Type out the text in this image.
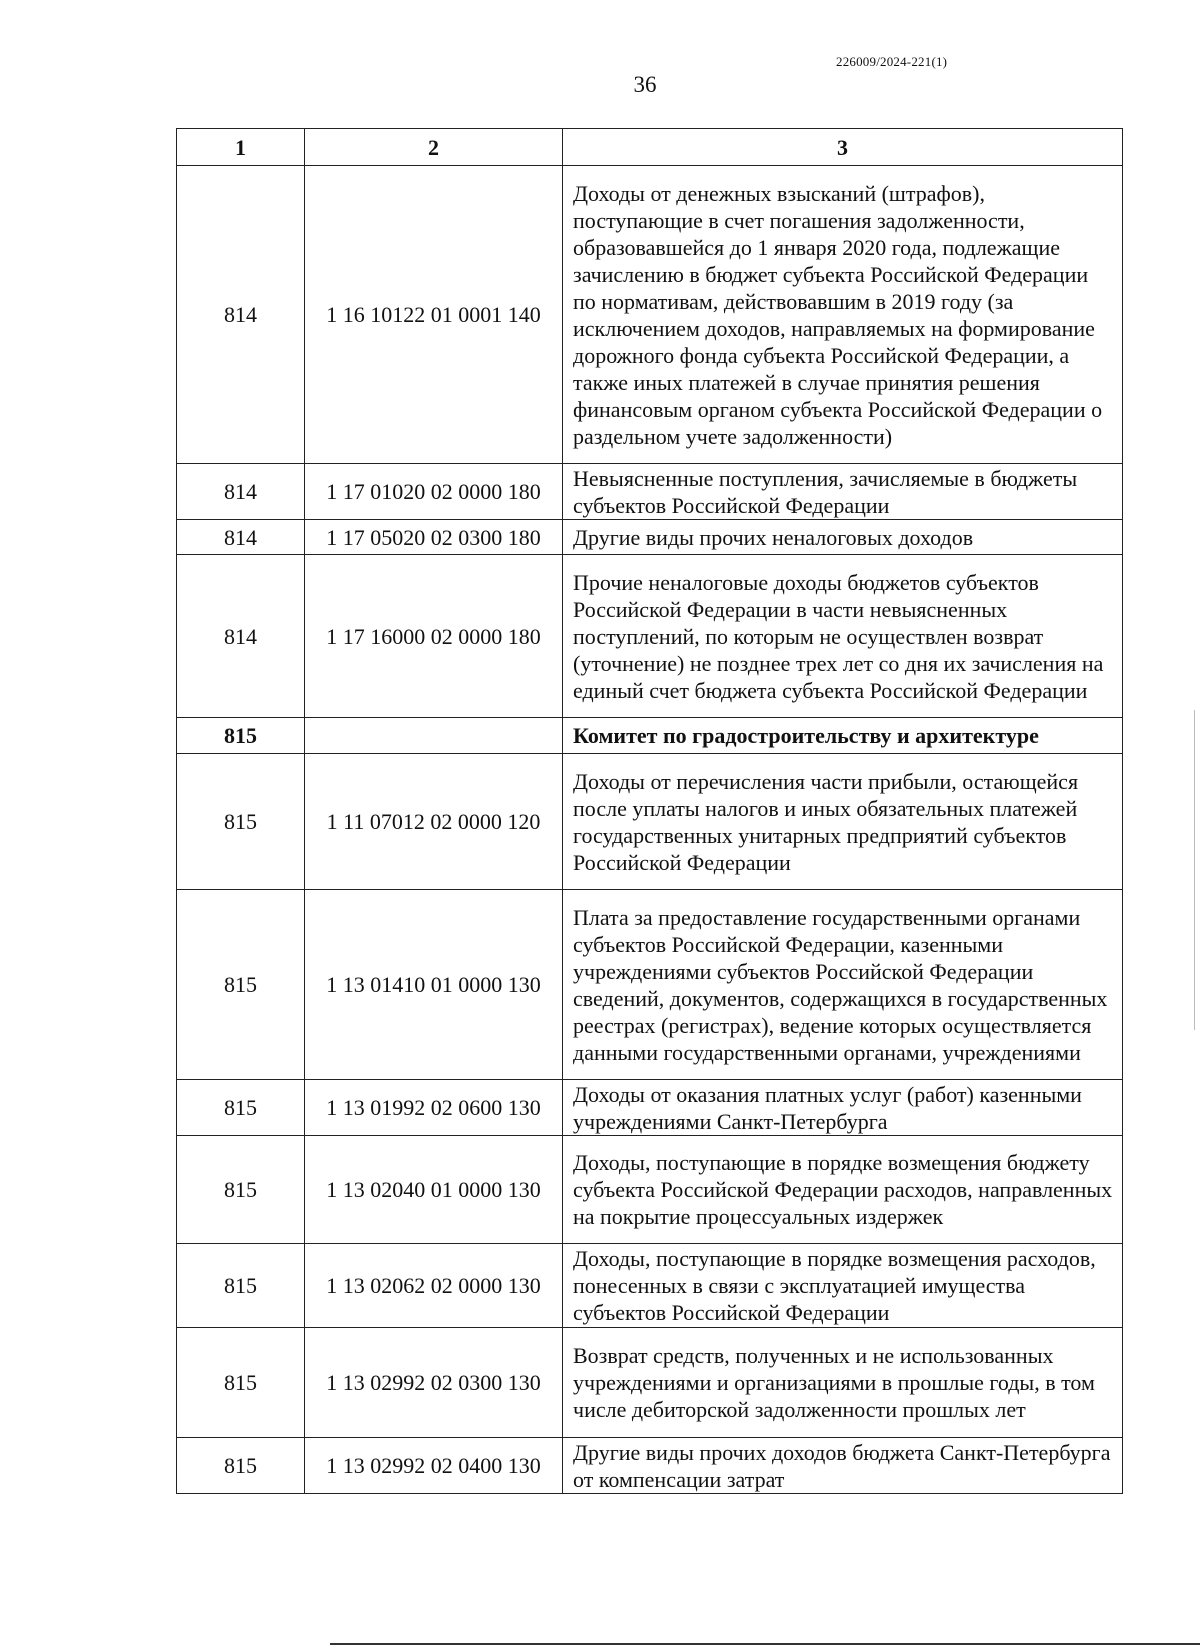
226009/2024-221(1)
36
1	2	3
814	1 16 10122 01 0001 140	Доходы от денежных взысканий (штрафов), поступающие в счет погашения задолженности, образовавшейся до 1 января 2020 года, подлежащие зачислению в бюджет субъекта Российской Федерации по нормативам, действовавшим в 2019 году (за исключением доходов, направляемых на формирование дорожного фонда субъекта Российской Федерации, а также иных платежей в случае принятия решения финансовым органом субъекта Российской Федерации о раздельном учете задолженности)
814	1 17 01020 02 0000 180	Невыясненные поступления, зачисляемые в бюджеты субъектов Российской Федерации
814	1 17 05020 02 0300 180	Другие виды прочих неналоговых доходов
814	1 17 16000 02 0000 180	Прочие неналоговые доходы бюджетов субъектов Российской Федерации в части невыясненных поступлений, по которым не осуществлен возврат (уточнение) не позднее трех лет со дня их зачисления на единый счет бюджета субъекта Российской Федерации
815		Комитет по градостроительству и архитектуре
815	1 11 07012 02 0000 120	Доходы от перечисления части прибыли, остающейся после уплаты налогов и иных обязательных платежей государственных унитарных предприятий субъектов Российской Федерации
815	1 13 01410 01 0000 130	Плата за предоставление государственными органами субъектов Российской Федерации, казенными учреждениями субъектов Российской Федерации сведений, документов, содержащихся в государственных реестрах (регистрах), ведение которых осуществляется данными государственными органами, учреждениями
815	1 13 01992 02 0600 130	Доходы от оказания платных услуг (работ) казенными учреждениями Санкт-Петербурга
815	1 13 02040 01 0000 130	Доходы, поступающие в порядке возмещения бюджету субъекта Российской Федерации расходов, направленных на покрытие процессуальных издержек
815	1 13 02062 02 0000 130	Доходы, поступающие в порядке возмещения расходов, понесенных в связи с эксплуатацией имущества субъектов Российской Федерации
815	1 13 02992 02 0300 130	Возврат средств, полученных и не использованных учреждениями и организациями в прошлые годы, в том числе дебиторской задолженности прошлых лет
815	1 13 02992 02 0400 130	Другие виды прочих доходов бюджета Санкт-Петербурга от компенсации затрат
